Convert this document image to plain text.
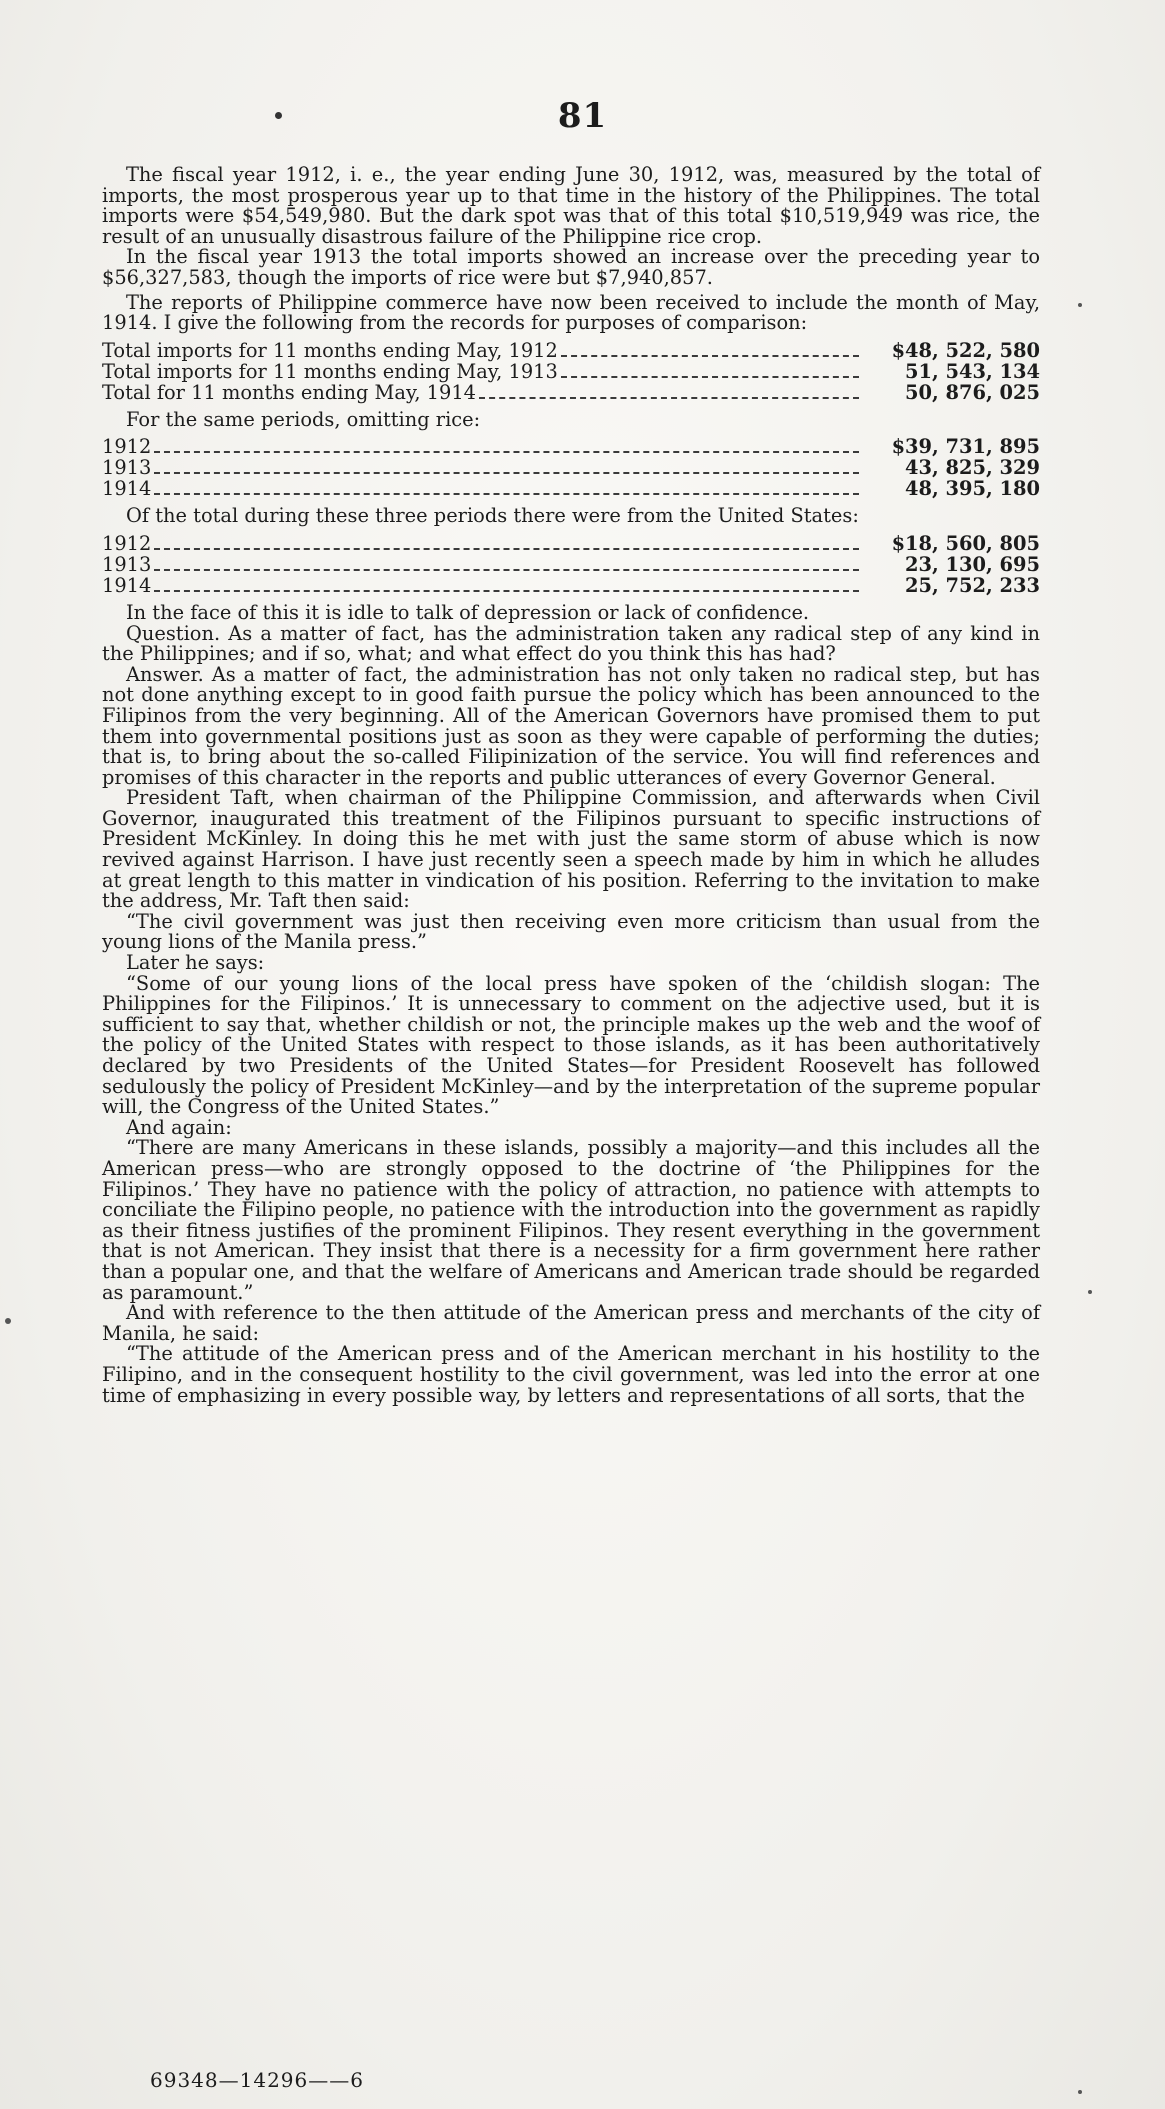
81

The fiscal year 1912, i. e., the year ending June 30, 1912, was, measured by the total of imports, the most prosperous year up to that time in the history of the Philippines. The total imports were $54,549,980. But the dark spot was that of this total $10,519,949 was rice, the result of an unusually disastrous failure of the Philippine rice crop.

In the fiscal year 1913 the total imports showed an increase over the preceding year to $56,327,583, though the imports of rice were but $7,940,857.

The reports of Philippine commerce have now been received to include the month of May, 1914. I give the following from the records for purposes of comparison:

Total imports for 11 months ending May, 1912	$48, 522, 580
Total imports for 11 months ending May, 1913	51, 543, 134
Total for 11 months ending May, 1914	50, 876, 025

For the same periods, omitting rice:

1912	$39, 731, 895
1913	43, 825, 329
1914	48, 395, 180

Of the total during these three periods there were from the United States:

1912	$18, 560, 805
1913	23, 130, 695
1914	25, 752, 233

In the face of this it is idle to talk of depression or lack of confidence.

Question. As a matter of fact, has the administration taken any radical step of any kind in the Philippines; and if so, what; and what effect do you think this has had?

Answer. As a matter of fact, the administration has not only taken no radical step, but has not done anything except to in good faith pursue the policy which has been announced to the Filipinos from the very beginning. All of the American Governors have promised them to put them into governmental positions just as soon as they were capable of performing the duties; that is, to bring about the so-called Filipinization of the service. You will find references and promises of this character in the reports and public utterances of every Governor General.

President Taft, when chairman of the Philippine Commission, and afterwards when Civil Governor, inaugurated this treatment of the Filipinos pursuant to specific instructions of President McKinley. In doing this he met with just the same storm of abuse which is now revived against Harrison. I have just recently seen a speech made by him in which he alludes at great length to this matter in vindication of his position. Referring to the invitation to make the address, Mr. Taft then said:

“The civil government was just then receiving even more criticism than usual from the young lions of the Manila press.”

Later he says:

“Some of our young lions of the local press have spoken of the ‘childish slogan: The Philippines for the Filipinos.’ It is unnecessary to comment on the adjective used, but it is sufficient to say that, whether childish or not, the principle makes up the web and the woof of the policy of the United States with respect to those islands, as it has been authoritatively declared by two Presidents of the United States—for President Roosevelt has followed sedulously the policy of President McKinley—and by the interpretation of the supreme popular will, the Congress of the United States.”

And again:

“There are many Americans in these islands, possibly a majority—and this includes all the American press—who are strongly opposed to the doctrine of ‘the Philippines for the Filipinos.’ They have no patience with the policy of attraction, no patience with attempts to conciliate the Filipino people, no patience with the introduction into the government as rapidly as their fitness justifies of the prominent Filipinos. They resent everything in the government that is not American. They insist that there is a necessity for a firm government here rather than a popular one, and that the welfare of Americans and American trade should be regarded as paramount.”

And with reference to the then attitude of the American press and merchants of the city of Manila, he said:

“The attitude of the American press and of the American merchant in his hostility to the Filipino, and in the consequent hostility to the civil government, was led into the error at one time of emphasizing in every possible way, by letters and representations of all sorts, that the

69348—14296——6
